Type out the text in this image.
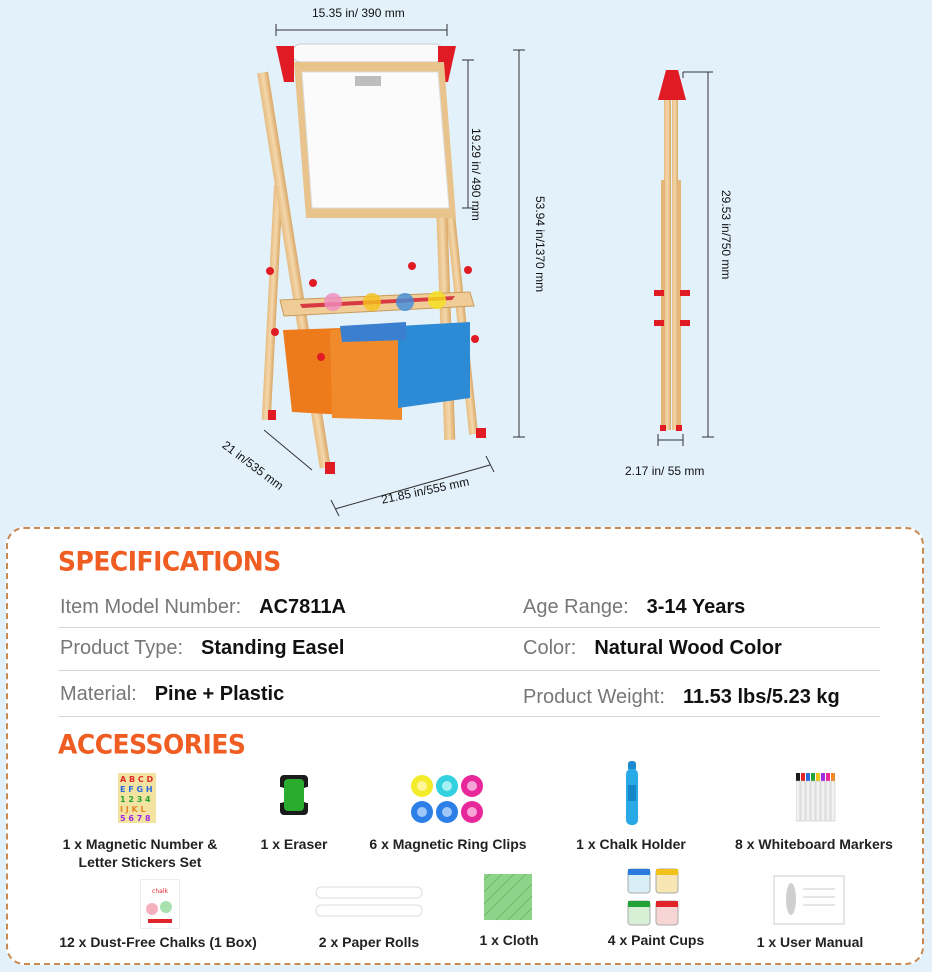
15.35 in/ 390 mm
19.29 in/ 490 mm
53.94 in/1370 mm
21 in/535 mm	21.85 in/555 mm
29.53 in/750 mm
2.17 in/ 55 mm
SPECIFICATIONS
Item Model Number: AC7811A	Age Range: 3-14 Years
Product Type: Standing Easel	Color: Natural Wood Color
Material: Pine + Plastic	Product Weight: 11.53 lbs/5.23 kg
ACCESSORIES
A B C D
E F G H
1 2 3 4
I J K L
5 6 7 8
chalk
1 x Magnetic Number &
Letter Stickers Set
1 x Eraser	6 x Magnetic Ring Clips	1 x Chalk Holder	8 x Whiteboard Markers
12 x Dust-Free Chalks (1 Box)	2 x Paper Rolls	1 x Cloth	4 x Paint Cups	1 x User Manual
